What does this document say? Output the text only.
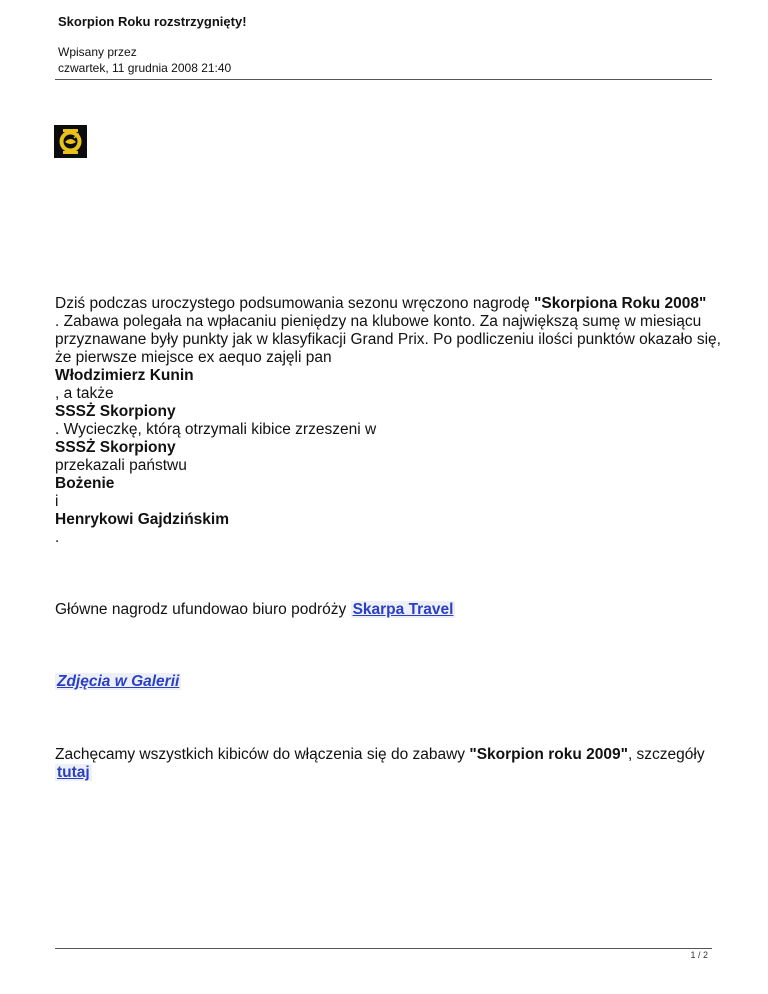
Skorpion Roku rozstrzygnięty!
Wpisany przez
czwartek, 11 grudnia 2008 21:40

Dziś podczas uroczystego podsumowania sezonu wręczono nagrodę "Skorpiona Roku 2008"
. Zabawa polegała na wpłacaniu pieniędzy na klubowe konto. Za największą sumę w miesiącu przyznawane były punkty jak w klasyfikacji Grand Prix. Po podliczeniu ilości punktów okazało się, że pierwsze miejsce ex aequo zajęli pan

Włodzimierz Kunin

, a także

SSSŻ Skorpiony

. Wycieczkę, którą otrzymali kibice zrzeszeni w

SSSŻ Skorpiony

przekazali państwu

Bożenie

i

Henrykowi Gajdzińskim

.

Główne nagrodz ufundowao biuro podróży Skarpa Travel

Zdjęcia w Galerii

Zachęcamy wszystkich kibiców do włączenia się do zabawy "Skorpion roku 2009", szczegóły
tutaj

1 / 2
